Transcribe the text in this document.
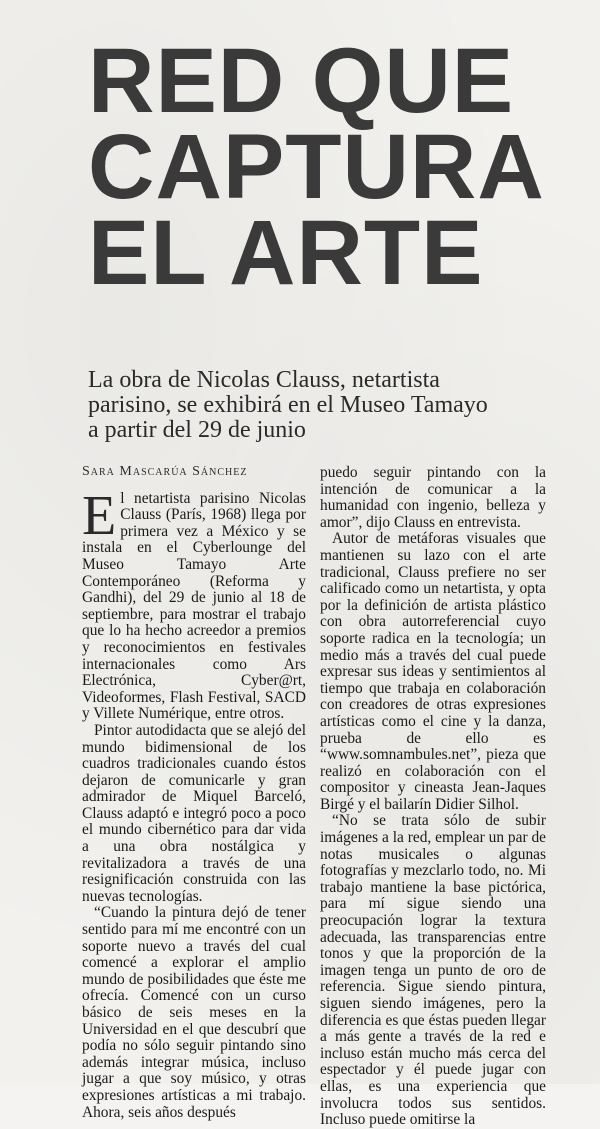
RED QUE
CAPTURA
EL ARTE

La obra de Nicolas Clauss, netartista parisino, se exhibirá en el Museo Tamayo a partir del 29 de junio

Sara Mascarúa Sánchez

El netartista parisino Nicolas Clauss (París, 1968) llega por primera vez a México y se instala en el Cyberlounge del Museo Tamayo Arte Contemporáneo (Reforma y Gandhi), del 29 de junio al 18 de septiembre, para mostrar el trabajo que lo ha hecho acreedor a premios y reconocimientos en festivales internacionales como Ars Electrónica, Cyber@rt, Videoformes, Flash Festival, SACD y Villete Numérique, entre otros.

Pintor autodidacta que se alejó del mundo bidimensional de los cuadros tradicionales cuando éstos dejaron de comunicarle y gran admirador de Miquel Barceló, Clauss adaptó e integró poco a poco el mundo cibernético para dar vida a una obra nostálgica y revitalizadora a través de una resignificación construida con las nuevas tecnologías.

“Cuando la pintura dejó de tener sentido para mí me encontré con un soporte nuevo a través del cual comencé a explorar el amplio mundo de posibilidades que éste me ofrecía. Comencé con un curso básico de seis meses en la Universidad en el que descubrí que podía no sólo seguir pintando sino además integrar música, incluso jugar a que soy músico, y otras expresiones artísticas a mi trabajo. Ahora, seis años después

puedo seguir pintando con la intención de comunicar a la humanidad con ingenio, belleza y amor”, dijo Clauss en entrevista.

Autor de metáforas visuales que mantienen su lazo con el arte tradicional, Clauss prefiere no ser calificado como un netartista, y opta por la definición de artista plástico con obra autorreferencial cuyo soporte radica en la tecnología; un medio más a través del cual puede expresar sus ideas y sentimientos al tiempo que trabaja en colaboración con creadores de otras expresiones artísticas como el cine y la danza, prueba de ello es “www.somnambules.net”, pieza que realizó en colaboración con el compositor y cineasta Jean-Jaques Birgé y el bailarín Didier Silhol.

“No se trata sólo de subir imágenes a la red, emplear un par de notas musicales o algunas fotografías y mezclarlo todo, no. Mi trabajo mantiene la base pictórica, para mí sigue siendo una preocupación lograr la textura adecuada, las transparencias entre tonos y que la proporción de la imagen tenga un punto de oro de referencia. Sigue siendo pintura, siguen siendo imágenes, pero la diferencia es que éstas pueden llegar a más gente a través de la red e incluso están mucho más cerca del espectador y él puede jugar con ellas, es una experiencia que involucra todos sus sentidos. Incluso puede omitirse la
